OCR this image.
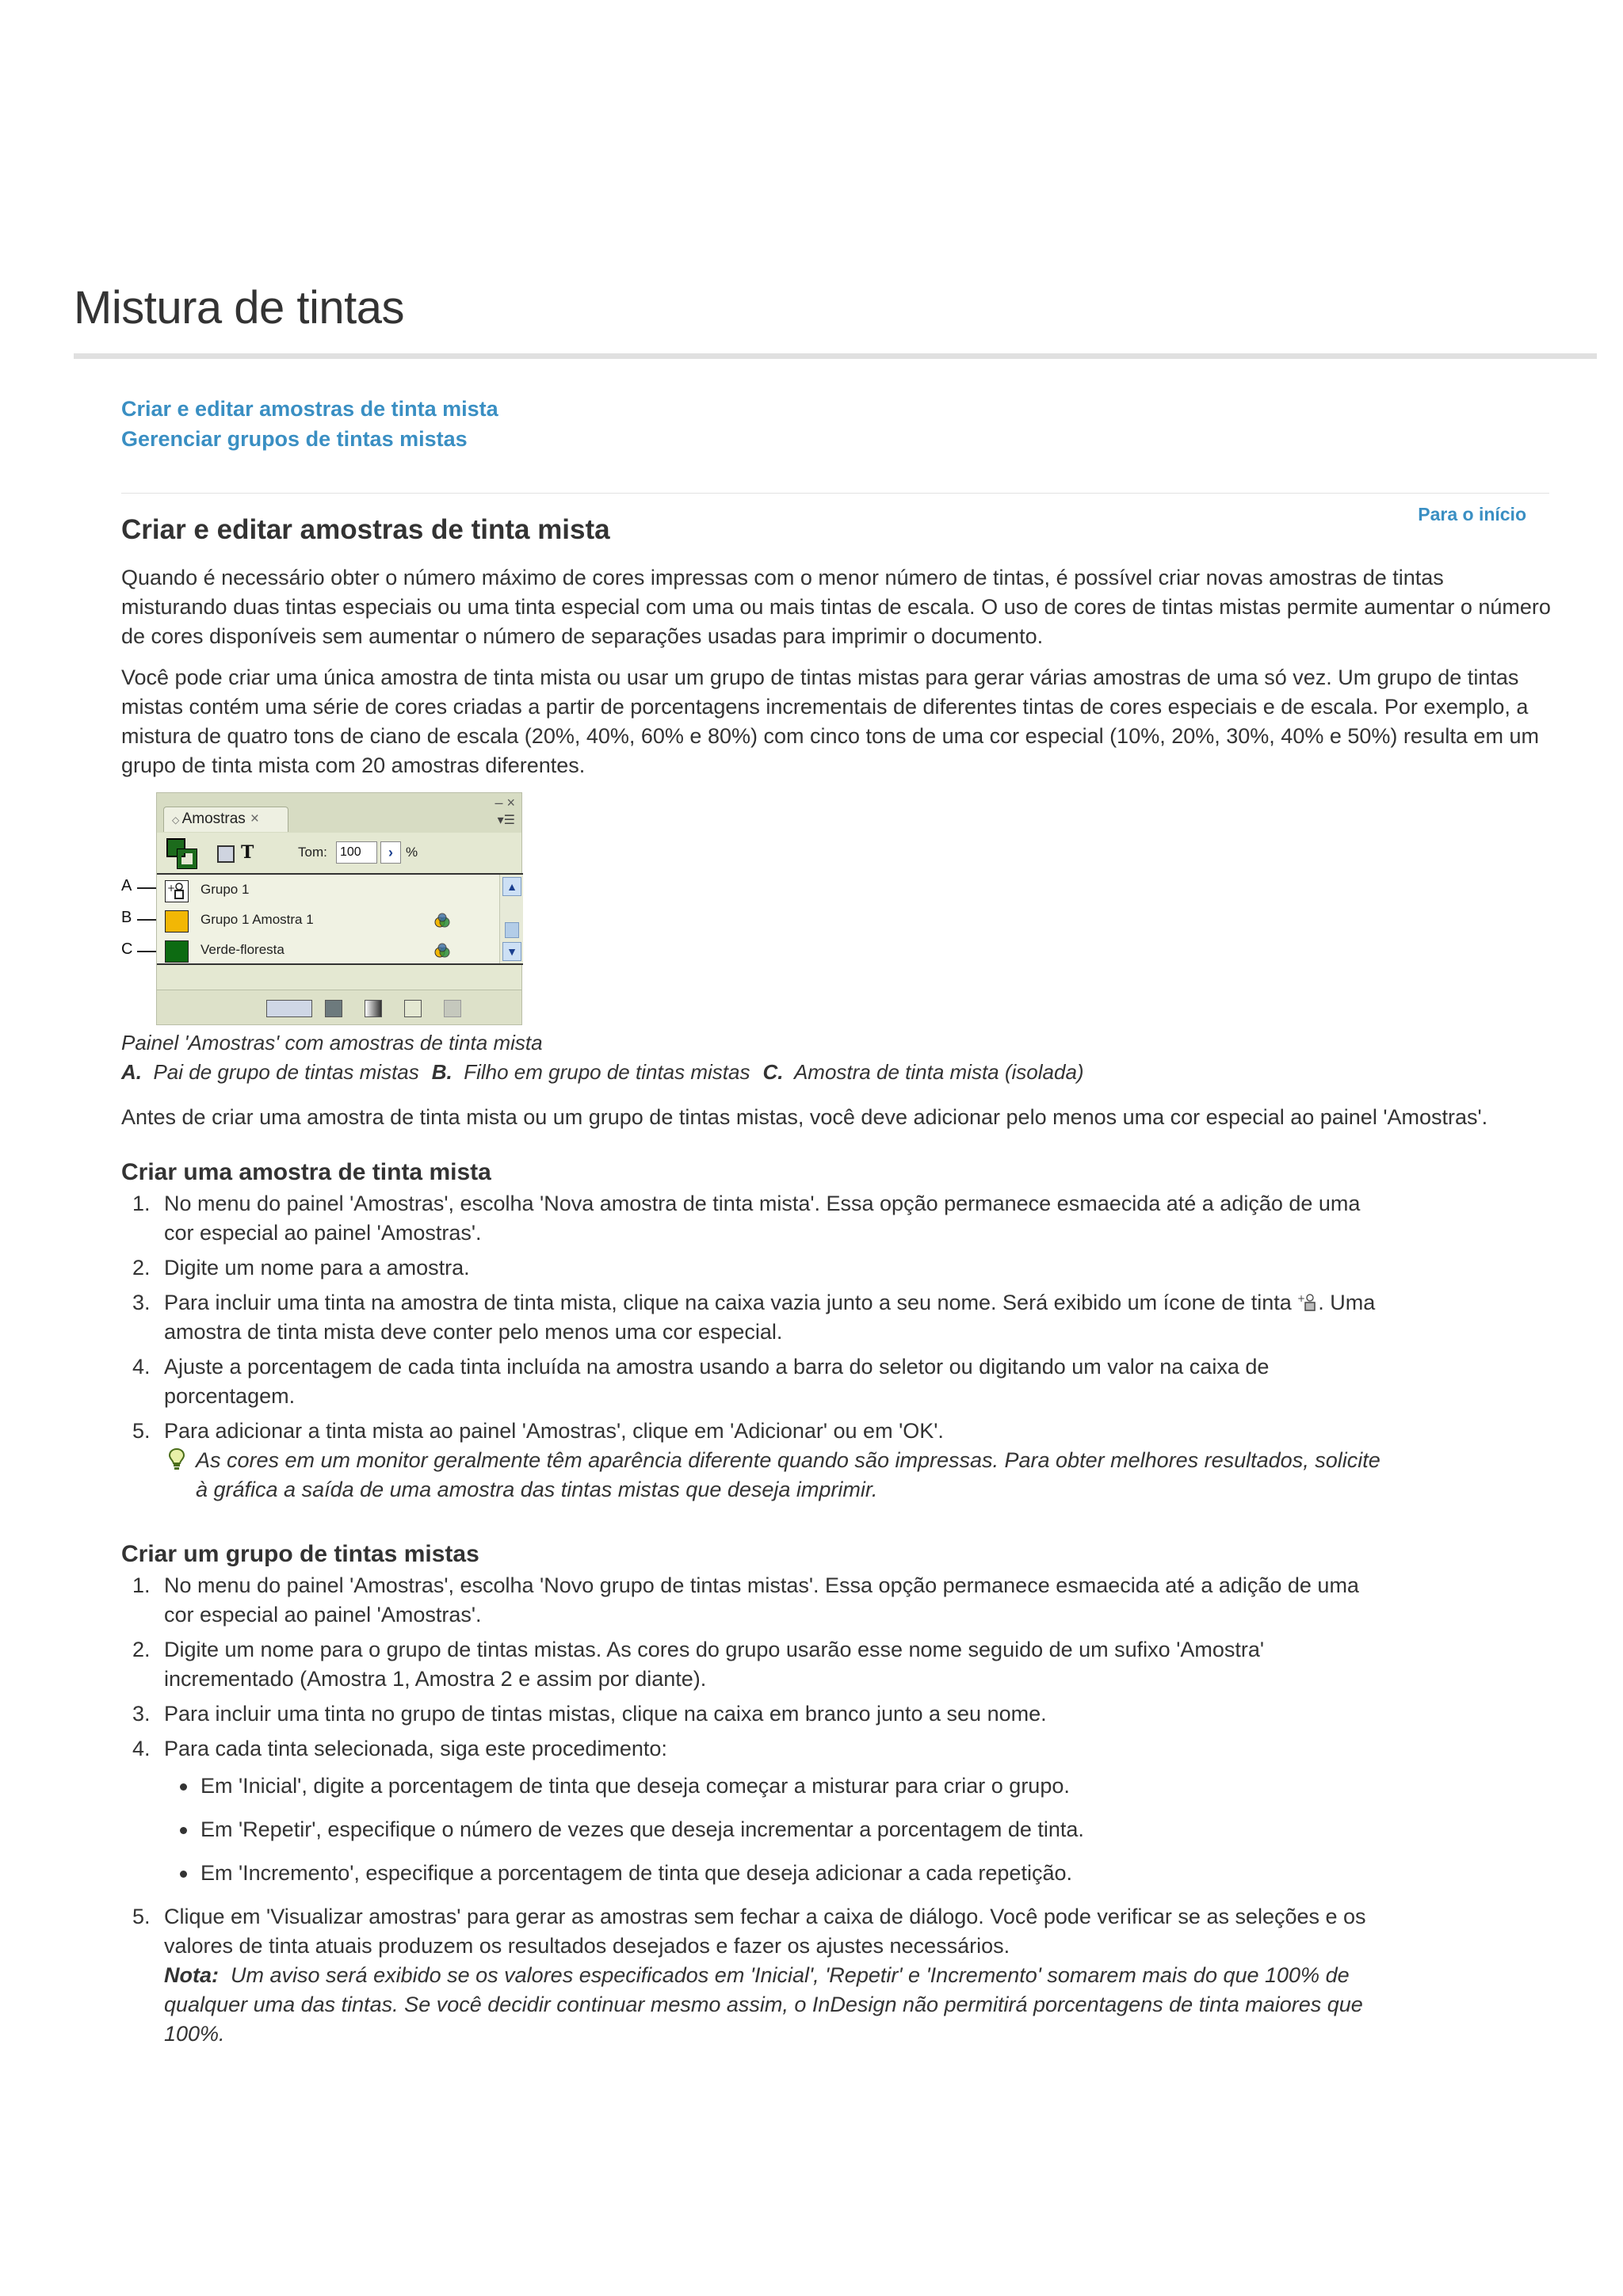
Mistura de tintas
Criar e editar amostras de tinta mista
Gerenciar grupos de tintas mistas
Para o início
Criar e editar amostras de tinta mista

Quando é necessário obter o número máximo de cores impressas com o menor número de tintas, é possível criar novas amostras de tintas misturando duas tintas especiais ou uma tinta especial com uma ou mais tintas de escala. O uso de cores de tintas mistas permite aumentar o número de cores disponíveis sem aumentar o número de separações usadas para imprimir o documento.

Você pode criar uma única amostra de tinta mista ou usar um grupo de tintas mistas para gerar várias amostras de uma só vez. Um grupo de tintas mistas contém uma série de cores criadas a partir de porcentagens incrementais de diferentes tintas de cores especiais e de escala. Por exemplo, a mistura de quatro tons de ciano de escala (20%, 40%, 60% e 80%) com cinco tons de uma cor especial (10%, 20%, 30%, 40% e 50%) resulta em um grupo de tinta mista com 20 amostras diferentes.

A
B
C
◇ Amostras ×
– ×
▾☰
T	Tom:	100	› %
+ Grupo 1
Grupo 1 Amostra 1
Verde-floresta
▲
▼
Painel 'Amostras' com amostras de tinta mista
A. Pai de grupo de tintas mistas B. Filho em grupo de tintas mistas C. Amostra de tinta mista (isolada)

Antes de criar uma amostra de tinta mista ou um grupo de tintas mistas, você deve adicionar pelo menos uma cor especial ao painel 'Amostras'.

Criar uma amostra de tinta mista
1. No menu do painel 'Amostras', escolha 'Nova amostra de tinta mista'. Essa opção permanece esmaecida até a adição de uma cor especial ao painel 'Amostras'.
2. Digite um nome para a amostra.
3. Para incluir uma tinta na amostra de tinta mista, clique na caixa vazia junto a seu nome. Será exibido um ícone de tinta + . Uma amostra de tinta mista deve conter pelo menos uma cor especial.
4. Ajuste a porcentagem de cada tinta incluída na amostra usando a barra do seletor ou digitando um valor na caixa de porcentagem.
5. Para adicionar a tinta mista ao painel 'Amostras', clique em 'Adicionar' ou em 'OK'.
As cores em um monitor geralmente têm aparência diferente quando são impressas. Para obter melhores resultados, solicite à gráfica a saída de uma amostra das tintas mistas que deseja imprimir.
Criar um grupo de tintas mistas
1. No menu do painel 'Amostras', escolha 'Novo grupo de tintas mistas'. Essa opção permanece esmaecida até a adição de uma cor especial ao painel 'Amostras'.
2. Digite um nome para o grupo de tintas mistas. As cores do grupo usarão esse nome seguido de um sufixo 'Amostra' incrementado (Amostra 1, Amostra 2 e assim por diante).
3. Para incluir uma tinta no grupo de tintas mistas, clique na caixa em branco junto a seu nome.
4. Para cada tinta selecionada, siga este procedimento:
Em 'Inicial', digite a porcentagem de tinta que deseja começar a misturar para criar o grupo.
Em 'Repetir', especifique o número de vezes que deseja incrementar a porcentagem de tinta.
Em 'Incremento', especifique a porcentagem de tinta que deseja adicionar a cada repetição.
5. Clique em 'Visualizar amostras' para gerar as amostras sem fechar a caixa de diálogo. Você pode verificar se as seleções e os valores de tinta atuais produzem os resultados desejados e fazer os ajustes necessários.
Nota: Um aviso será exibido se os valores especificados em 'Inicial', 'Repetir' e 'Incremento' somarem mais do que 100% de qualquer uma das tintas. Se você decidir continuar mesmo assim, o InDesign não permitirá porcentagens de tinta maiores que 100%.
